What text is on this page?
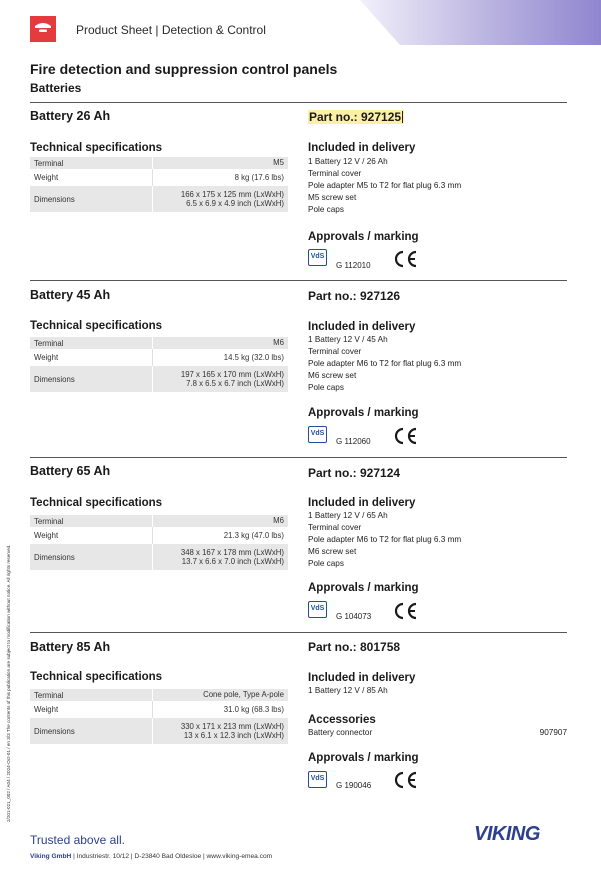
Product Sheet | Detection & Control
Fire detection and suppression control panels
Batteries
Battery 26 Ah	Part no.: 927125
Technical specifications
Terminal	M5
Weight	8 kg (17.6 lbs)
Dimensions	166 x 175 x 125 mm (LxWxH)
6.5 x 6.9 x 4.9 inch (LxWxH)
Included in delivery
1 Battery 12 V / 26 Ah
Terminal cover
Pole adapter M5 to T2 for flat plug 6.3 mm
M5 screw set
Pole caps
Approvals / marking
VdS
G 112010
Battery 45 Ah	Part no.: 927126
Technical specifications
Terminal	M6
Weight	14.5 kg (32.0 lbs)
Dimensions	197 x 165 x 170 mm (LxWxH)
7.8 x 6.5 x 6.7 inch (LxWxH)
Included in delivery
1 Battery 12 V / 45 Ah
Terminal cover
Pole adapter M6 to T2 for flat plug 6.3 mm
M6 screw set
Pole caps
Approvals / marking
VdS
G 112060
Battery 65 Ah	Part no.: 927124
Technical specifications
Terminal	M6
Weight	21.3 kg (47.0 lbs)
Dimensions	348 x 167 x 178 mm (LxWxH)
13.7 x 6.6 x 7.0 inch (LxWxH)
Included in delivery
1 Battery 12 V / 65 Ah
Terminal cover
Pole adapter M6 to T2 for flat plug 6.3 mm
M6 screw set
Pole caps
Approvals / marking
VdS
G 104073
Battery 85 Ah	Part no.: 801758
Technical specifications
Terminal	Cone pole, Type A-pole
Weight	31.0 kg (68.3 lbs)
Dimensions	330 x 171 x 213 mm (LxWxH)
13 x 6.1 x 12.3 inch (LxWxH)
Included in delivery
1 Battery 12 V / 85 Ah
Accessories
Battery connector	907907
Approvals / marking
VdS
G 190046
2/201-021_002 / A04 / 2024-Oct-01 / en 3/3 The contents of this publication are subject to modification without notice. All rights reserved.
Trusted above all.
Viking GmbH | Industriestr. 10/12 | D-23840 Bad Oldesloe | www.viking-emea.com
VIKING
